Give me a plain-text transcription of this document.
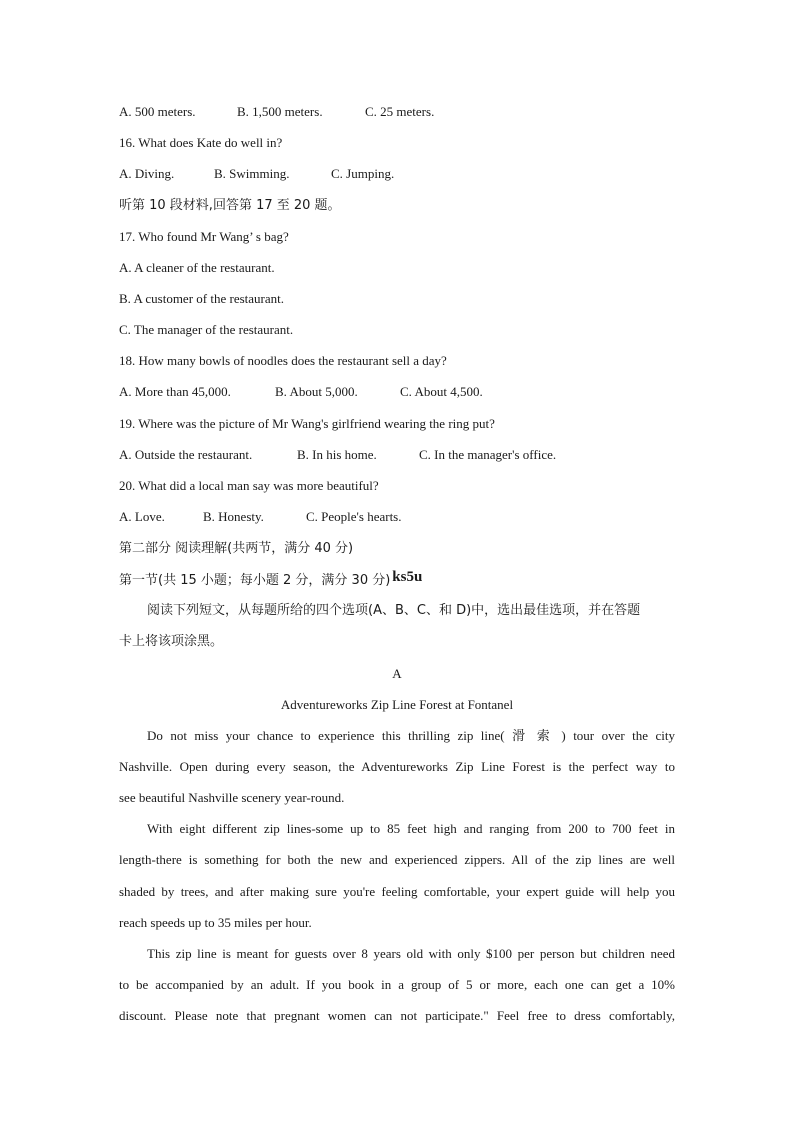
A. 500 meters.	B. 1,500 meters.	C. 25 meters.
16. What does Kate do well in?
A. Diving.	B. Swimming.	C. Jumping.
听第 10 段材料,回答第 17 至 20 题。
17. Who found Mr Wang’ s bag?
A. A cleaner of the restaurant.
B. A customer of the restaurant.
C. The manager of the restaurant.
18. How many bowls of noodles does the restaurant sell a day?
A. More than 45,000.	B. About 5,000.	C. About 4,500.
19. Where was the picture of Mr Wang's girlfriend wearing the ring put?
A. Outside the restaurant.	B. In his home.	C. In the manager's office.
20. What did a local man say was more beautiful?
A. Love.	B. Honesty.	C. People's hearts.
第二部分 阅读理解(共两节，满分 40 分)
第一节(共 15 小题；每小题 2 分，满分 30 分) ks5u
阅读下列短文，从每题所给的四个选项(A、B、C、和 D)中，选出最佳选项，并在答题
卡上将该项涂黑。
A
Adventureworks Zip Line Forest at Fontanel
Do not miss your chance to experience this thrilling zip line( 滑 索 ) tour over the city
Nashville. Open during every season, the Adventureworks Zip Line Forest is the perfect way to
see beautiful Nashville scenery year-round.
With eight different zip lines-some up to 85 feet high and ranging from 200 to 700 feet in
length-there is something for both the new and experienced zippers. All of the zip lines are well
shaded by trees, and after making sure you're feeling comfortable, your expert guide will help you
reach speeds up to 35 miles per hour.
This zip line is meant for guests over 8 years old with only $100 per person but children need
to be accompanied by an adult. If you book in a group of 5 or more, each one can get a 10%
discount. Please note that pregnant women can not participate." Feel free to dress comfortably,
